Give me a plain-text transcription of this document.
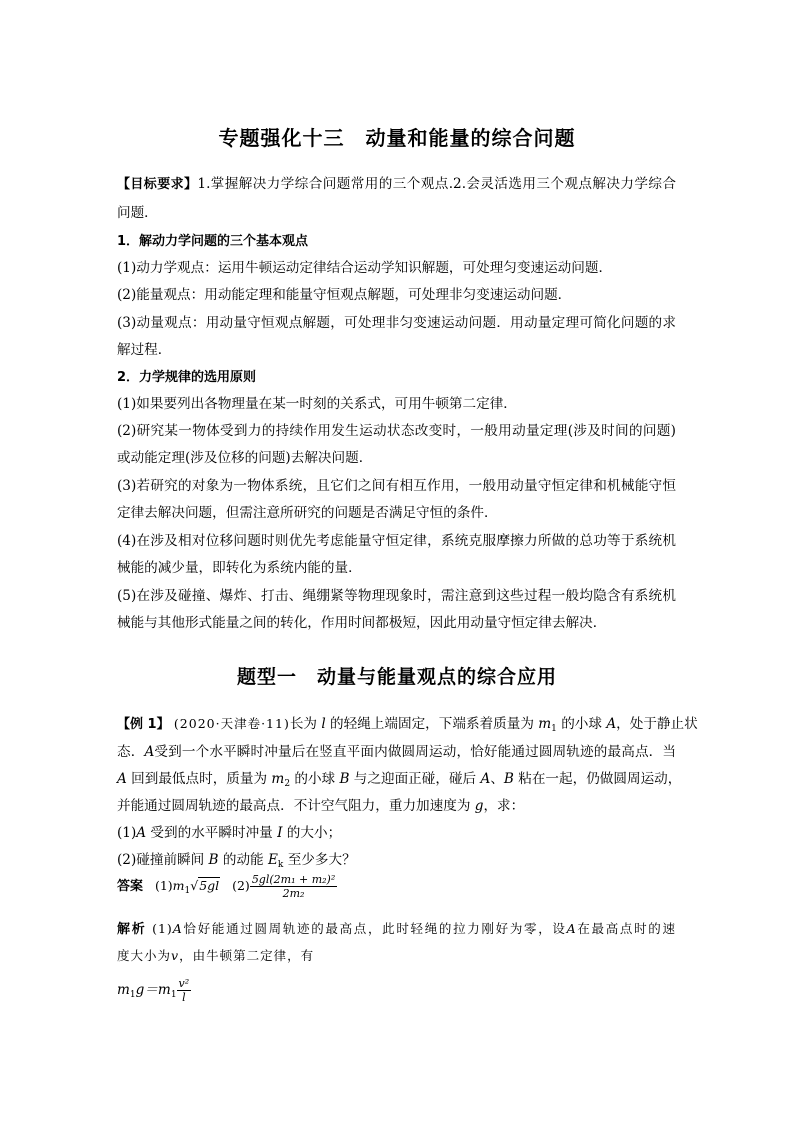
专题强化十三　动量和能量的综合问题
【目标要求】1.掌握解决力学综合问题常用的三个观点.2.会灵活选用三个观点解决力学综合
问题．
1．解动力学问题的三个基本观点
(1)动力学观点：运用牛顿运动定律结合运动学知识解题，可处理匀变速运动问题．
(2)能量观点：用动能定理和能量守恒观点解题，可处理非匀变速运动问题．
(3)动量观点：用动量守恒观点解题，可处理非匀变速运动问题．用动量定理可简化问题的求
解过程．
2．力学规律的选用原则
(1)如果要列出各物理量在某一时刻的关系式，可用牛顿第二定律．
(2)研究某一物体受到力的持续作用发生运动状态改变时，一般用动量定理(涉及时间的问题)
或动能定理(涉及位移的问题)去解决问题．
(3)若研究的对象为一物体系统，且它们之间有相互作用，一般用动量守恒定律和机械能守恒
定律去解决问题，但需注意所研究的问题是否满足守恒的条件．
(4)在涉及相对位移问题时则优先考虑能量守恒定律，系统克服摩擦力所做的总功等于系统机
械能的减少量，即转化为系统内能的量．
(5)在涉及碰撞、爆炸、打击、绳绷紧等物理现象时，需注意到这些过程一般均隐含有系统机
械能与其他形式能量之间的转化，作用时间都极短，因此用动量守恒定律去解决．
题型一　动量与能量观点的综合应用
【例 1】 (2020·天津卷·11)长为 l 的轻绳上端固定，下端系着质量为 $m_1$ 的小球 A，处于静止状
态．A受到一个水平瞬时冲量后在竖直平面内做圆周运动，恰好能通过圆周轨迹的最高点．当
A 回到最低点时，质量为 $m_2$ 的小球 B 与之迎面正碰，碰后 A、B 粘在一起，仍做圆周运动，
并能通过圆周轨迹的最高点．不计空气阻力，重力加速度为 g，求：
(1)A 受到的水平瞬时冲量 I 的大小；
(2)碰撞前瞬间 B 的动能 $E_k$ 至少多大？
答案 $(1)m_1√5gl$ $(2) \frac{\text{5gl(2m₁ + m₂)²}}{\text{2m₂}}$
解析 (1)A恰好能通过圆周轨迹的最高点，此时轻绳的拉力刚好为零，设A在最高点时的速
度大小为v，由牛顿第二定律，有
$m_1g=m_1 \frac{\text{v²}}{l}$
